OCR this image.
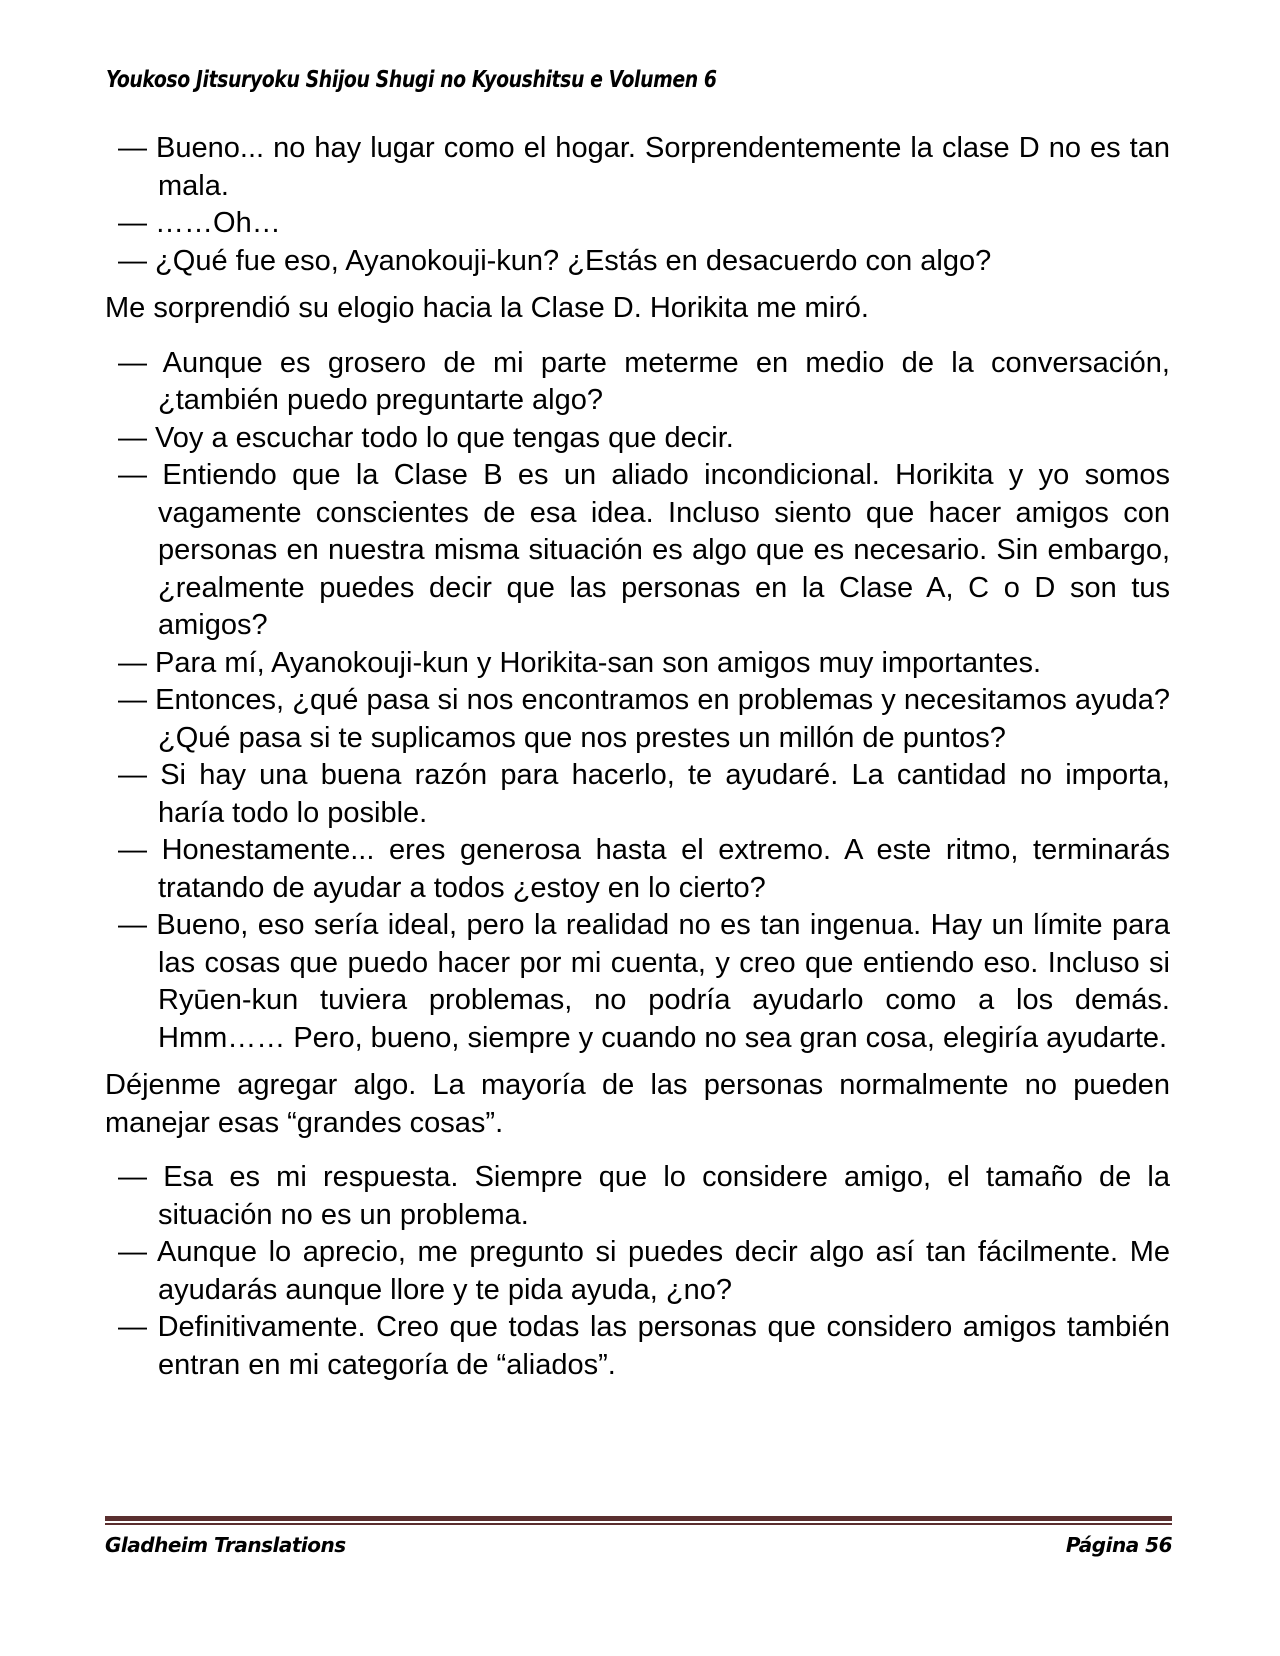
Youkoso Jitsuryoku Shijou Shugi no Kyoushitsu e Volumen 6

— Bueno... no hay lugar como el hogar. Sorprendentemente la clase D no es tan mala.

— ……Oh…

— ¿Qué fue eso, Ayanokouji-kun? ¿Estás en desacuerdo con algo?

Me sorprendió su elogio hacia la Clase D. Horikita me miró.

— Aunque es grosero de mi parte meterme en medio de la conversación, ¿también puedo preguntarte algo?

— Voy a escuchar todo lo que tengas que decir.

— Entiendo que la Clase B es un aliado incondicional. Horikita y yo somos vagamente conscientes de esa idea. Incluso siento que hacer amigos con personas en nuestra misma situación es algo que es necesario. Sin embargo, ¿realmente puedes decir que las personas en la Clase A, C o D son tus amigos?

— Para mí, Ayanokouji-kun y Horikita-san son amigos muy importantes.

— Entonces, ¿qué pasa si nos encontramos en problemas y necesitamos ayuda? ¿Qué pasa si te suplicamos que nos prestes un millón de puntos?

— Si hay una buena razón para hacerlo, te ayudaré. La cantidad no importa, haría todo lo posible.

— Honestamente... eres generosa hasta el extremo. A este ritmo, terminarás tratando de ayudar a todos ¿estoy en lo cierto?

— Bueno, eso sería ideal, pero la realidad no es tan ingenua. Hay un límite para las cosas que puedo hacer por mi cuenta, y creo que entiendo eso. Incluso si Ryūen-kun tuviera problemas, no podría ayudarlo como a los demás. Hmm…… Pero, bueno, siempre y cuando no sea gran cosa, elegiría ayudarte.

Déjenme agregar algo. La mayoría de las personas normalmente no pueden manejar esas “grandes cosas”.

— Esa es mi respuesta. Siempre que lo considere amigo, el tamaño de la situación no es un problema.

— Aunque lo aprecio, me pregunto si puedes decir algo así tan fácilmente. Me ayudarás aunque llore y te pida ayuda, ¿no?

— Definitivamente. Creo que todas las personas que considero amigos también entran en mi categoría de “aliados”.

Gladheim Translations	Página 56
